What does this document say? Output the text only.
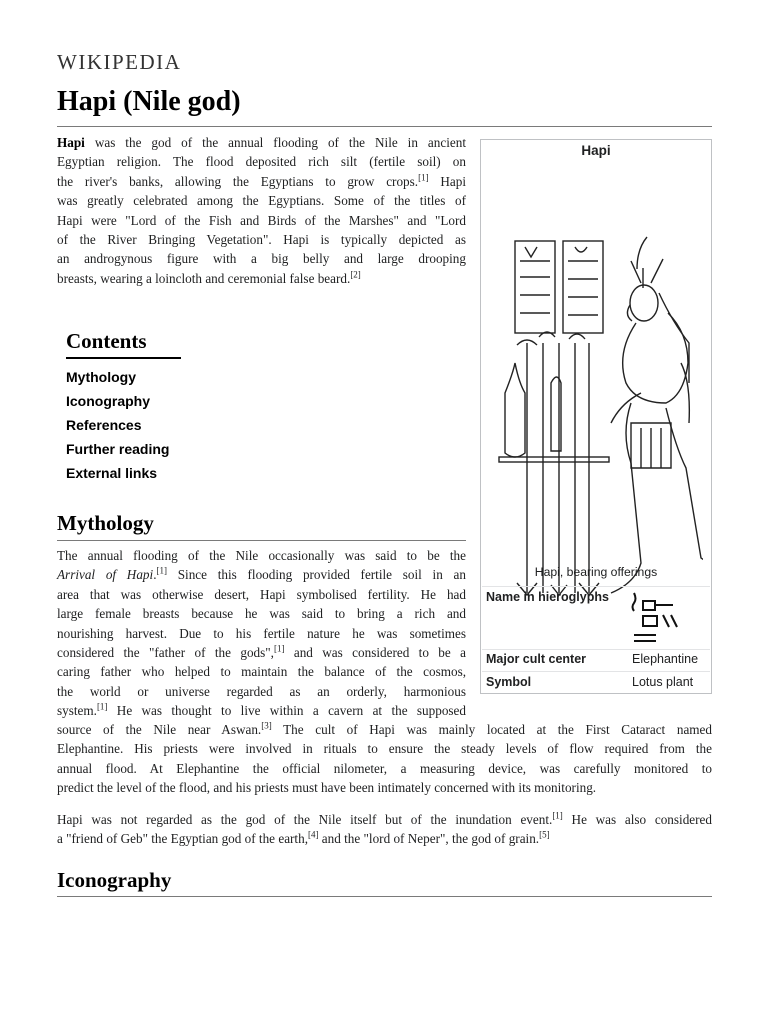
WIKIPEDIA
Hapi (Nile god)
Hapi was the god of the annual flooding of the Nile in ancient
Egyptian religion. The flood deposited rich silt (fertile soil) on
the river's banks, allowing the Egyptians to grow crops.[1] Hapi
was greatly celebrated among the Egyptians. Some of the titles of
Hapi were "Lord of the Fish and Birds of the Marshes" and "Lord
of the River Bringing Vegetation". Hapi is typically depicted as
an androgynous figure with a big belly and large drooping
breasts, wearing a loincloth and ceremonial false beard.[2]
Hapi
Hapi, bearing offerings
Name in hieroglyphs
Major cult center	Elephantine
Symbol	Lotus plant
Contents
Mythology
Iconography
References
Further reading
External links
Mythology
The annual flooding of the Nile occasionally was said to be the
Arrival of Hapi.[1] Since this flooding provided fertile soil in an
area that was otherwise desert, Hapi symbolised fertility. He had
large female breasts because he was said to bring a rich and
nourishing harvest. Due to his fertile nature he was sometimes
considered the "father of the gods",[1] and was considered to be a
caring father who helped to maintain the balance of the cosmos,
the world or universe regarded as an orderly, harmonious
system.[1] He was thought to live within a cavern at the supposed
source of the Nile near Aswan.[3] The cult of Hapi was mainly located at the First Cataract named
Elephantine. His priests were involved in rituals to ensure the steady levels of flow required from the
annual flood. At Elephantine the official nilometer, a measuring device, was carefully monitored to
predict the level of the flood, and his priests must have been intimately concerned with its monitoring.
Hapi was not regarded as the god of the Nile itself but of the inundation event.[1] He was also considered
a "friend of Geb" the Egyptian god of the earth,[4] and the "lord of Neper", the god of grain.[5]
Iconography
